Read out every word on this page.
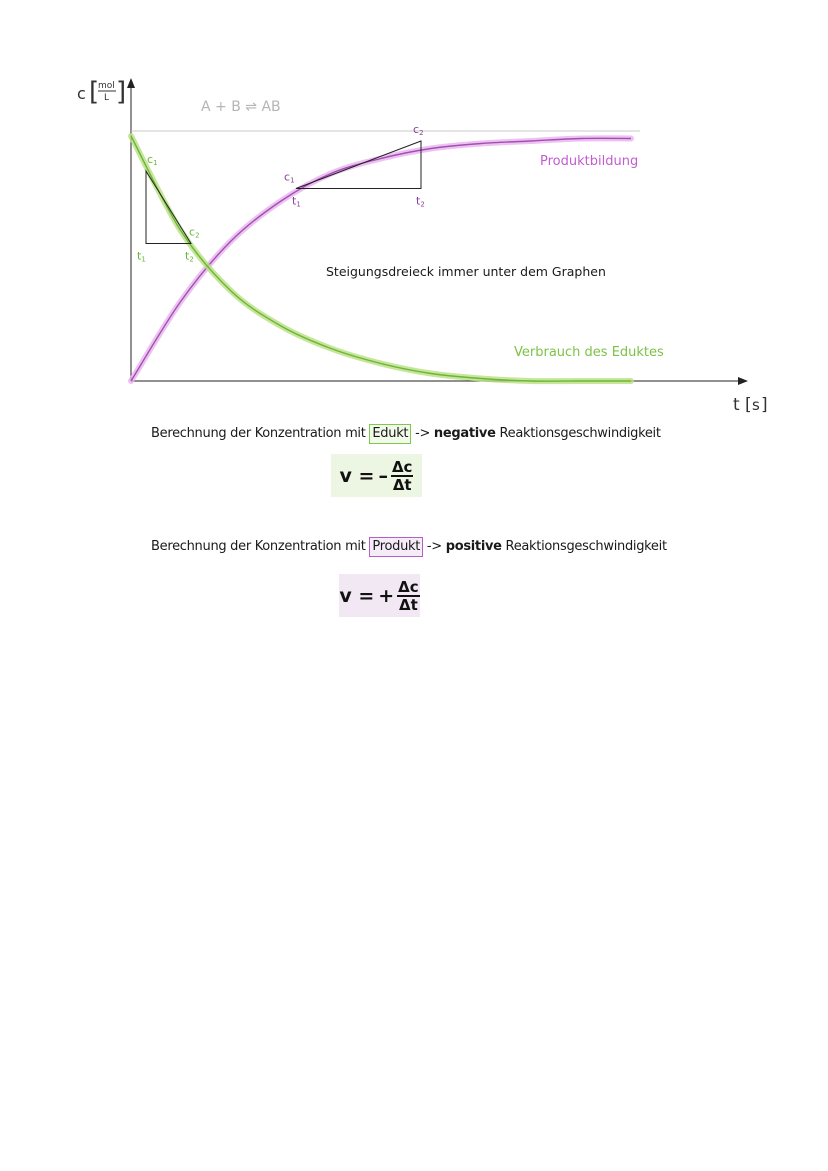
c [
mol
L ]
t [ s ]
A + B ⇌ AB
c1
c2
t1	t2
c1
c2
t1	t2
Produktbildung
Verbrauch des Eduktes
Steigungsdreieck immer unter dem Graphen
Berechnung der Konzentration mit Edukt -> negative Reaktionsgeschwindigkeit
v = – $\frac{\Delta c}{\Delta t}$
Berechnung der Konzentration mit Produkt -> positive Reaktionsgeschwindigkeit
v = + $\frac{\Delta c}{\Delta t}$
